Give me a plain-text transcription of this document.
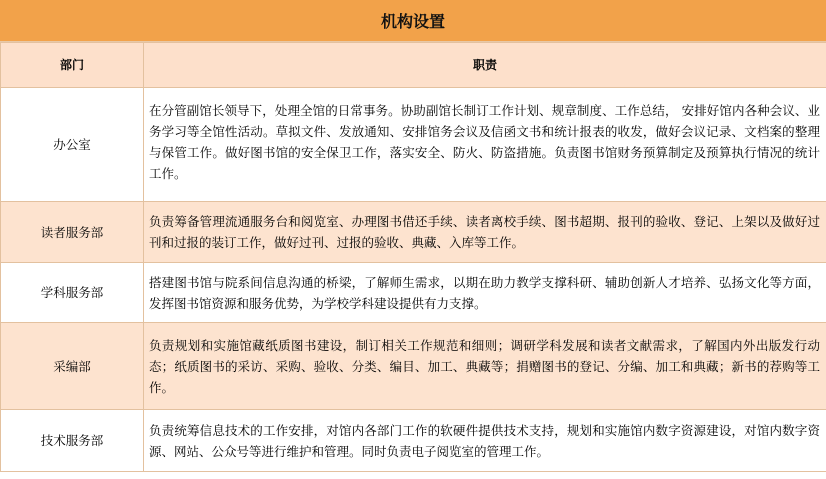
机构设置
部门	职责
办公室	在分管副馆长领导下，处理全馆的日常事务。协助副馆长制订工作计划、规章制度、工作总结， 安排好馆内各种会议、业务学习等全馆性活动。草拟文件、发放通知、安排馆务会议及信函文书和统计报表的收发，做好会议记录、文档案的整理与保管工作。做好图书馆的安全保卫工作，落实安全、防火、防盗措施。负责图书馆财务预算制定及预算执行情况的统计工作。
读者服务部	负责筹备管理流通服务台和阅览室、办理图书借还手续、读者离校手续、图书超期、报刊的验收、登记、上架以及做好过刊和过报的装订工作，做好过刊、过报的验收、典藏、入库等工作。
学科服务部	搭建图书馆与院系间信息沟通的桥梁，了解师生需求，以期在助力教学支撑科研、辅助创新人才培养、弘扬文化等方面，发挥图书馆资源和服务优势，为学校学科建设提供有力支撑。
采编部	负责规划和实施馆藏纸质图书建设，制订相关工作规范和细则；调研学科发展和读者文献需求，了解国内外出版发行动态；纸质图书的采访、采购、验收、分类、编目、加工、典藏等；捐赠图书的登记、分编、加工和典藏；新书的荐购等工作。
技术服务部	负责统筹信息技术的工作安排，对馆内各部门工作的软硬件提供技术支持，规划和实施馆内数字资源建设，对馆内数字资源、网站、公众号等进行维护和管理。同时负责电子阅览室的管理工作。
